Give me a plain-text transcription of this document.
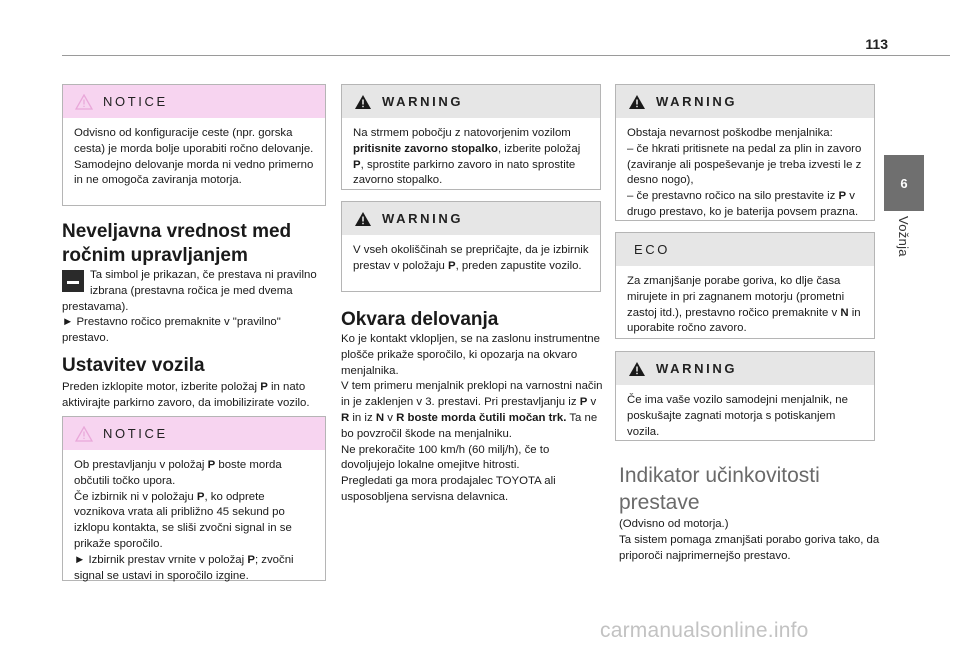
113
6
Vožnja
NOTICE
Odvisno od konfiguracije ceste (npr. gorska cesta) je morda bolje uporabiti ročno delovanje.
Samodejno delovanje morda ni vedno primerno in ne omogoča zaviranja motorja.
Neveljavna vrednost med ročnim upravljanjem
Ta simbol je prikazan, če prestava ni pravilno izbrana (prestavna ročica je med dvema prestavama).
► Prestavno ročico premaknite v "pravilno" prestavo.
Ustavitev vozila
Preden izklopite motor, izberite položaj P in nato aktivirajte parkirno zavoro, da imobilizirate vozilo.
NOTICE

Ob prestavljanju v položaj P boste morda občutili točko upora.

Če izbirnik ni v položaju P, ko odprete voznikova vrata ali približno 45 sekund po izklopu kontakta, se sliši zvočni signal in se prikaže sporočilo.

► Izbirnik prestav vrnite v položaj P; zvočni signal se ustavi in sporočilo izgine.

WARNING
Na strmem pobočju z natovorjenim vozilom pritisnite zavorno stopalko, izberite položaj P, sprostite parkirno zavoro in nato sprostite zavorno stopalko.
WARNING
V vseh okoliščinah se prepričajte, da je izbirnik prestav v položaju P, preden zapustite vozilo.
Okvara delovanja

Ko je kontakt vklopljen, se na zaslonu instrumentne plošče prikaže sporočilo, ki opozarja na okvaro menjalnika.

V tem primeru menjalnik preklopi na varnostni način in je zaklenjen v 3. prestavi. Pri prestavljanju iz P v R in iz N v R boste morda čutili močan trk. Ta ne bo povzročil škode na menjalniku.

Ne prekoračite 100 km/h (60 milj/h), če to dovoljujejo lokalne omejitve hitrosti.

Pregledati ga mora prodajalec TOYOTA ali usposobljena servisna delavnica.

WARNING

Obstaja nevarnost poškodbe menjalnika:

– če hkrati pritisnete na pedal za plin in zavoro (zaviranje ali pospeševanje je treba izvesti le z desno nogo),

– če prestavno ročico na silo prestavite iz P v drugo prestavo, ko je baterija povsem prazna.

ECO
Za zmanjšanje porabe goriva, ko dlje časa mirujete in pri zagnanem motorju (prometni zastoj itd.), prestavno ročico premaknite v N in uporabite ročno zavoro.
WARNING
Če ima vaše vozilo samodejni menjalnik, ne poskušajte zagnati motorja s potiskanjem vozila.
Indikator učinkovitosti prestave

(Odvisno od motorja.)

Ta sistem pomaga zmanjšati porabo goriva tako, da priporoči najprimernejšo prestavo.

carmanualsonline.info
